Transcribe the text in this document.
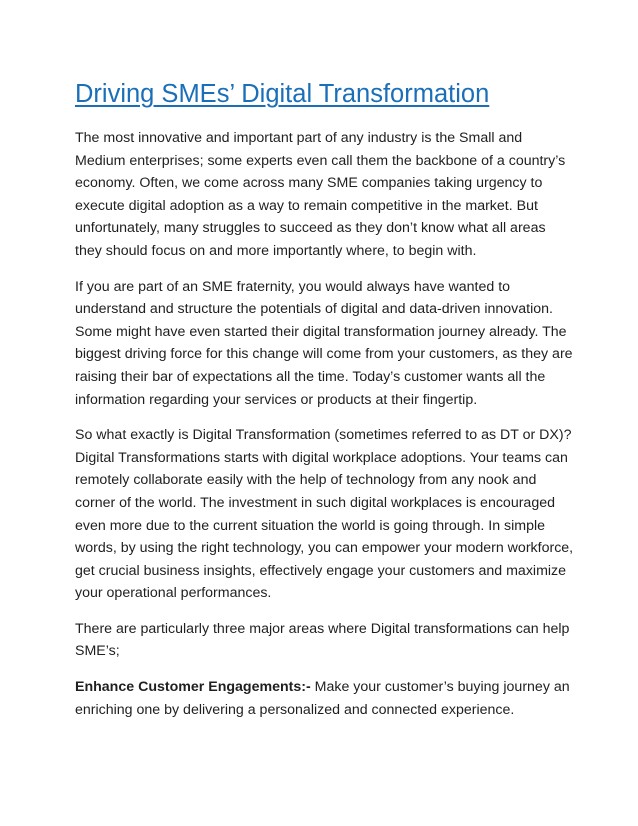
Driving SMEs’ Digital Transformation

The most innovative and important part of any industry is the Small and Medium enterprises; some experts even call them the backbone of a country’s economy. Often, we come across many SME companies taking urgency to execute digital adoption as a way to remain competitive in the market. But unfortunately, many struggles to succeed as they don’t know what all areas they should focus on and more importantly where, to begin with.

If you are part of an SME fraternity, you would always have wanted to understand and structure the potentials of digital and data-driven innovation. Some might have even started their digital transformation journey already. The biggest driving force for this change will come from your customers, as they are raising their bar of expectations all the time. Today’s customer wants all the information regarding your services or products at their fingertip.

So what exactly is Digital Transformation (sometimes referred to as DT or DX)? Digital Transformations starts with digital workplace adoptions. Your teams can remotely collaborate easily with the help of technology from any nook and corner of the world. The investment in such digital workplaces is encouraged even more due to the current situation the world is going through. In simple words, by using the right technology, you can empower your modern workforce, get crucial business insights, effectively engage your customers and maximize your operational performances.

There are particularly three major areas where Digital transformations can help SME’s;

Enhance Customer Engagements:- Make your customer’s buying journey an enriching one by delivering a personalized and connected experience.
